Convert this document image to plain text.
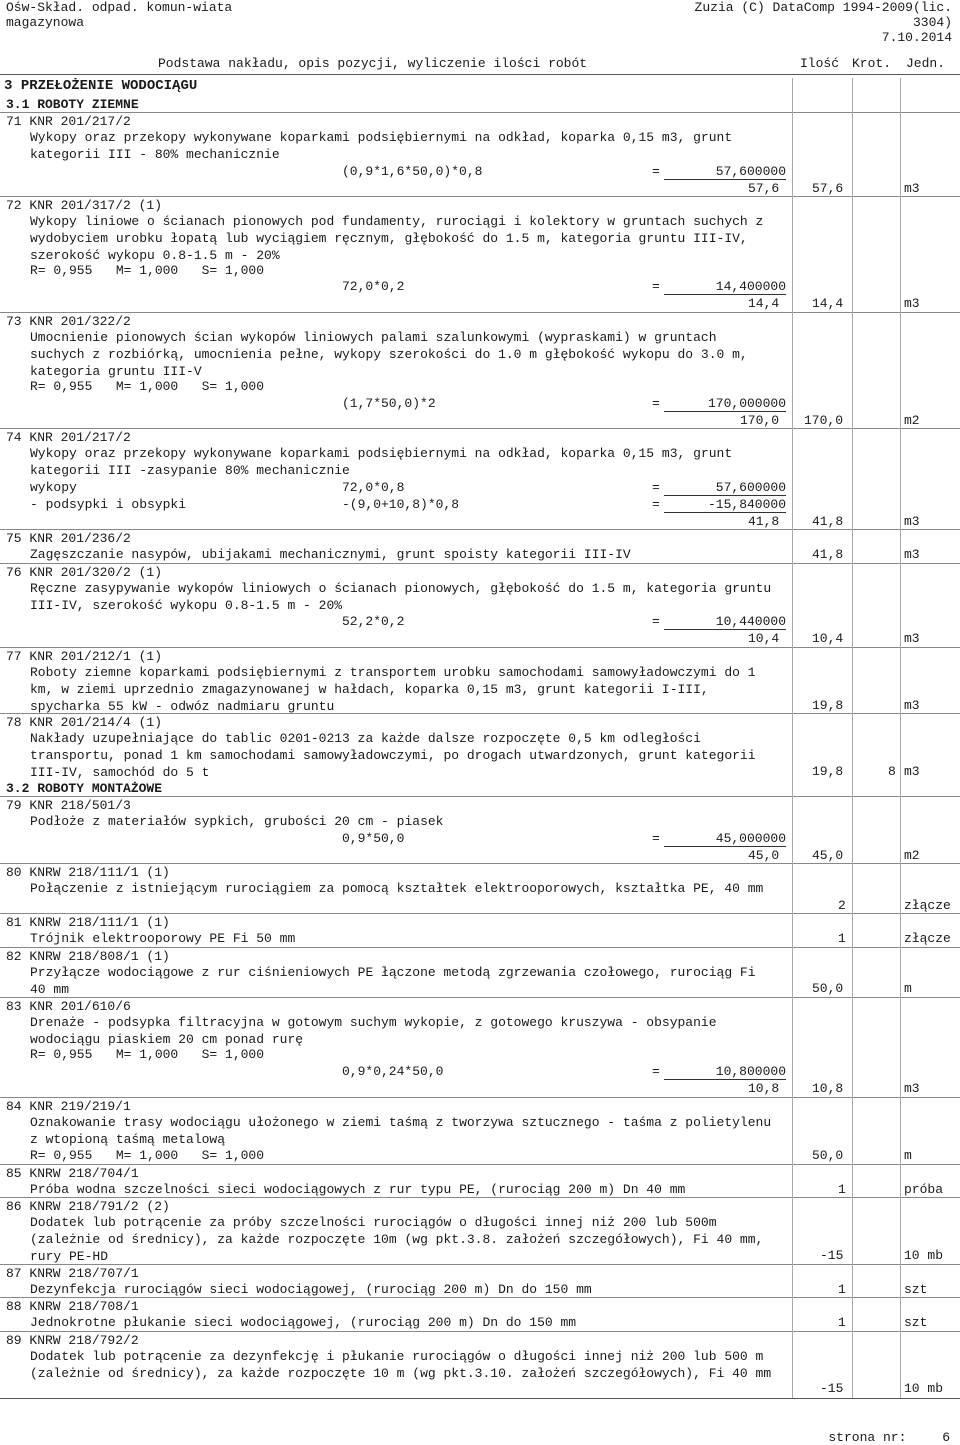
Ośw-Skład. odpad. komun-wiata
magazynowa
Zuzia (C) DataComp 1994-2009(lic.
3304)
7.10.2014
Podstawa nakładu, opis pozycji, wyliczenie ilości robót	Ilość Krot. Jedn.
3 PRZEŁOŻENIE WODOCIĄGU
3.1 ROBOTY ZIEMNE
71 KNR 201/217/2
Wykopy oraz przekopy wykonywane koparkami podsiębiernymi na odkład, koparka 0,15 m3, grunt kategorii III - 80% mechanicznie
(0,9*1,6*50,0)*0,8	=	57,600000
57,6	57,6	m3
72 KNR 201/317/2 (1)
Wykopy liniowe o ścianach pionowych pod fundamenty, rurociągi i kolektory w gruntach suchych z wydobyciem urobku łopatą lub wyciągiem ręcznym, głębokość do 1.5 m, kategoria gruntu III-IV, szerokość wykopu 0.8-1.5 m - 20%
R= 0,955   M= 1,000   S= 1,000
72,0*0,2	=	14,400000
14,4	14,4	m3
73 KNR 201/322/2
Umocnienie pionowych ścian wykopów liniowych palami szalunkowymi (wypraskami) w gruntach suchych z rozbiórką, umocnienia pełne, wykopy szerokości do 1.0 m głębokość wykopu do 3.0 m, kategoria gruntu III-V
R= 0,955   M= 1,000   S= 1,000
(1,7*50,0)*2	=	170,000000
170,0 170,0	m2
74 KNR 201/217/2
Wykopy oraz przekopy wykonywane koparkami podsiębiernymi na odkład, koparka 0,15 m3, grunt kategorii III -zasypanie 80% mechanicznie
wykopy	72,0*0,8	=	57,600000
- podsypki i obsypki	-(9,0+10,8)*0,8	=	-15,840000
41,8	41,8	m3
75 KNR 201/236/2
Zagęszczanie nasypów, ubijakami mechanicznymi, grunt spoisty kategorii III-IV	41,8	m3
76 KNR 201/320/2 (1)
Ręczne zasypywanie wykopów liniowych o ścianach pionowych, głębokość do 1.5 m, kategoria gruntu III-IV, szerokość wykopu 0.8-1.5 m - 20%
52,2*0,2	=	10,440000
10,4	10,4	m3
77 KNR 201/212/1 (1)
Roboty ziemne koparkami podsiębiernymi z transportem urobku samochodami samowyładowczymi do 1 km, w ziemi uprzednio zmagazynowanej w hałdach, koparka 0,15 m3, grunt kategorii I-III, spycharka 55 kW - odwóz nadmiaru gruntu	19,8	m3
78 KNR 201/214/4 (1)
Nakłady uzupełniające do tablic 0201-0213 za każde dalsze rozpoczęte 0,5 km odległości transportu, ponad 1 km samochodami samowyładowczymi, po drogach utwardzonych, grunt kategorii III-IV, samochód do 5 t	19,8	8 m3
3.2 ROBOTY MONTAŻOWE
79 KNR 218/501/3
Podłoże z materiałów sypkich, grubości 20 cm - piasek
0,9*50,0	=	45,000000
45,0	45,0	m2
80 KNRW 218/111/1 (1)
Połączenie z istniejącym rurociągiem za pomocą kształtek elektrooporowych, kształtka PE, 40 mm
2	złącze
81 KNRW 218/111/1 (1)
Trójnik elektrooporowy PE Fi 50 mm	1	złącze
82 KNRW 218/808/1 (1)
Przyłącze wodociągowe z rur ciśnieniowych PE łączone metodą zgrzewania czołowego, rurociąg Fi 40 mm	50,0	m
83 KNR 201/610/6
Drenaże - podsypka filtracyjna w gotowym suchym wykopie, z gotowego kruszywa - obsypanie wodociągu piaskiem 20 cm ponad rurę
R= 0,955   M= 1,000   S= 1,000
0,9*0,24*50,0	=	10,800000
10,8	10,8	m3
84 KNR 219/219/1
Oznakowanie trasy wodociągu ułożonego w ziemi taśmą z tworzywa sztucznego - taśma z polietylenu z wtopioną taśmą metalową
R= 0,955   M= 1,000   S= 1,000	50,0	m
85 KNRW 218/704/1
Próba wodna szczelności sieci wodociągowych z rur typu PE, (rurociąg 200 m) Dn 40 mm	1	próba
86 KNRW 218/791/2 (2)
Dodatek lub potrącenie za próby szczelności rurociągów o długości innej niż 200 lub 500m (zależnie od średnicy), za każde rozpoczęte 10m (wg pkt.3.8. założeń szczegółowych), Fi 40 mm, rury PE-HD	-15	10 mb
87 KNRW 218/707/1
Dezynfekcja rurociągów sieci wodociągowej, (rurociąg 200 m) Dn do 150 mm	1	szt
88 KNRW 218/708/1
Jednokrotne płukanie sieci wodociągowej, (rurociąg 200 m) Dn do 150 mm	1	szt
89 KNRW 218/792/2
Dodatek lub potrącenie za dezynfekcję i płukanie rurociągów o długości innej niż 200 lub 500 m (zależnie od średnicy), za każde rozpoczęte 10 m (wg pkt.3.10. założeń szczegółowych), Fi 40 mm
-15	10 mb
strona nr:	6
